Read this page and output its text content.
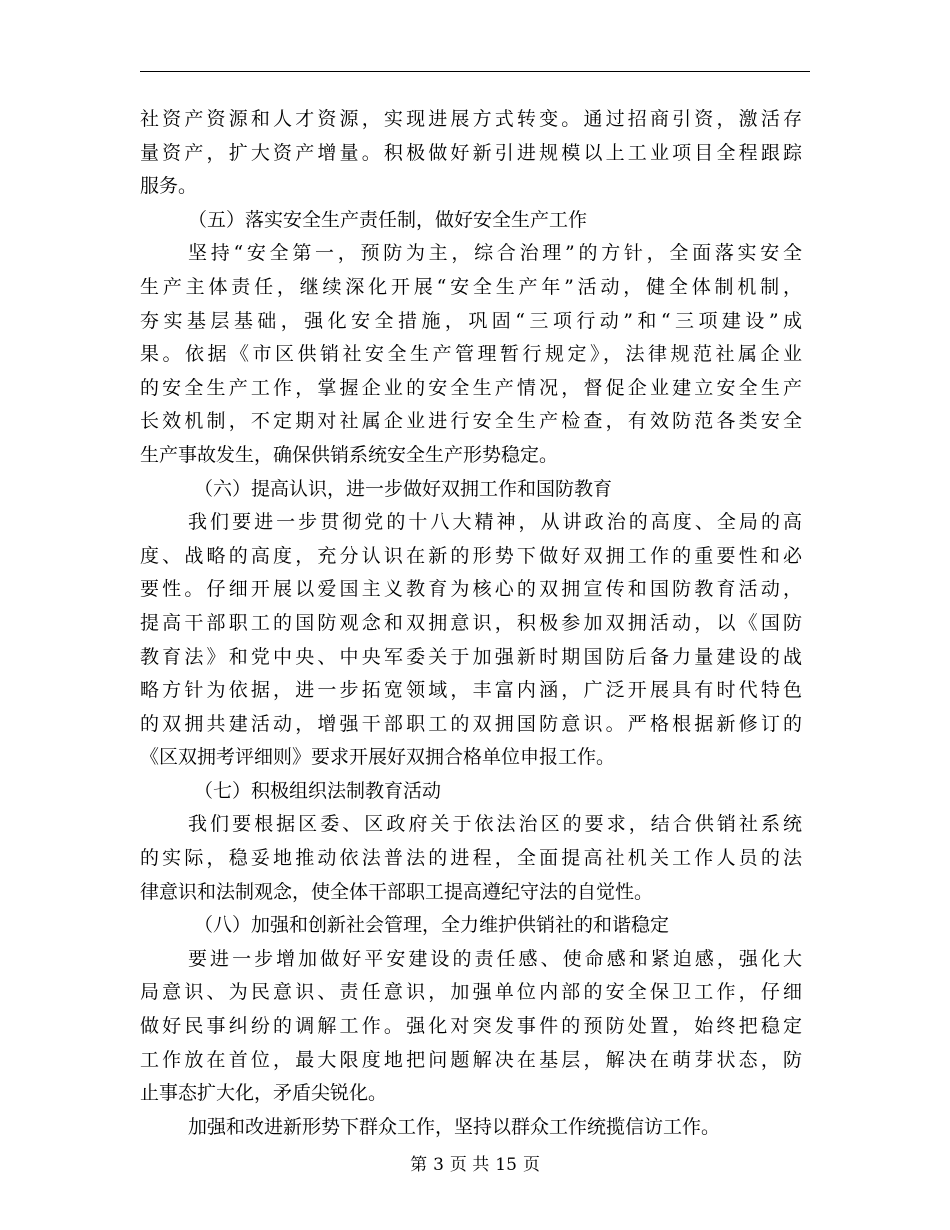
社资产资源和人才资源，实现进展方式转变。通过招商引资，激活存
量资产，扩大资产增量。积极做好新引进规模以上工业项目全程跟踪
服务。
（五）落实安全生产责任制，做好安全生产工作
坚持“安全第一，预防为主，综合治理”的方针，全面落实安全
生产主体责任，继续深化开展“安全生产年”活动，健全体制机制，
夯实基层基础，强化安全措施，巩固“三项行动”和“三项建设”成
果。依据《市区供销社安全生产管理暂行规定》，法律规范社属企业
的安全生产工作，掌握企业的安全生产情况，督促企业建立安全生产
长效机制，不定期对社属企业进行安全生产检查，有效防范各类安全
生产事故发生，确保供销系统安全生产形势稳定。
（六）提高认识，进一步做好双拥工作和国防教育
我们要进一步贯彻党的十八大精神，从讲政治的高度、全局的高
度、战略的高度，充分认识在新的形势下做好双拥工作的重要性和必
要性。仔细开展以爱国主义教育为核心的双拥宣传和国防教育活动，
提高干部职工的国防观念和双拥意识，积极参加双拥活动，以《国防
教育法》和党中央、中央军委关于加强新时期国防后备力量建设的战
略方针为依据，进一步拓宽领域，丰富内涵，广泛开展具有时代特色
的双拥共建活动，增强干部职工的双拥国防意识。严格根据新修订的
《区双拥考评细则》要求开展好双拥合格单位申报工作。
（七）积极组织法制教育活动
我们要根据区委、区政府关于依法治区的要求，结合供销社系统
的实际，稳妥地推动依法普法的进程，全面提高社机关工作人员的法
律意识和法制观念，使全体干部职工提高遵纪守法的自觉性。
（八）加强和创新社会管理，全力维护供销社的和谐稳定
要进一步增加做好平安建设的责任感、使命感和紧迫感，强化大
局意识、为民意识、责任意识，加强单位内部的安全保卫工作，仔细
做好民事纠纷的调解工作。强化对突发事件的预防处置，始终把稳定
工作放在首位，最大限度地把问题解决在基层，解决在萌芽状态，防
止事态扩大化，矛盾尖锐化。
加强和改进新形势下群众工作，坚持以群众工作统揽信访工作。
第 3 页 共 15 页
